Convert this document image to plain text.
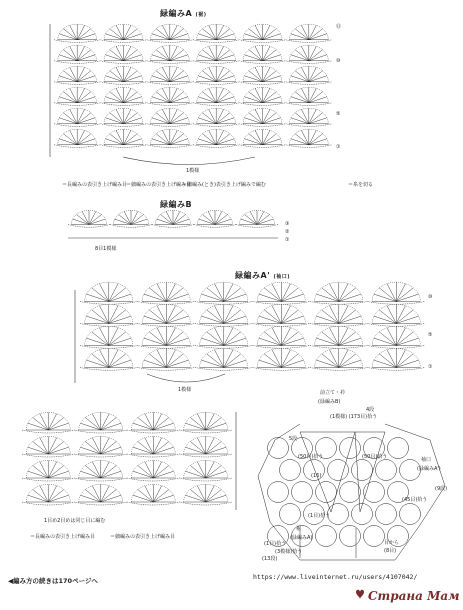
緑編みA (裾)
⑬
⑩
⑤
①
1模様
＝長編みの表引き上げ編み目
＝細編みの表引き上げ編み目
＝細編み(とき)表引き上げ編みで編む	＝糸を切る
緑編みB
③
②
①
8目1模様
緑編みA' (袖口)
⑩
⑤
①
1模様
1目め2目めは同じ目に編む
＝長編みの表引き上げ編み目	＝細編みの表引き上げ編み目
前立て・衿
(緑編みB)
(1模様) (173目)拾う
4段
5段
(50目)拾う	(50目)拾う
(1目)拾う
袖口
(緑編みA')
(9段)
(45目)拾う
裾
(緑編みA)
(3模様)拾う
(13段)
(1目)拾う	目から
(8目)
(16)
◀編み方の続きは170ページへ	https://www.liveinternet.ru/users/4107042/
Страна Мам
